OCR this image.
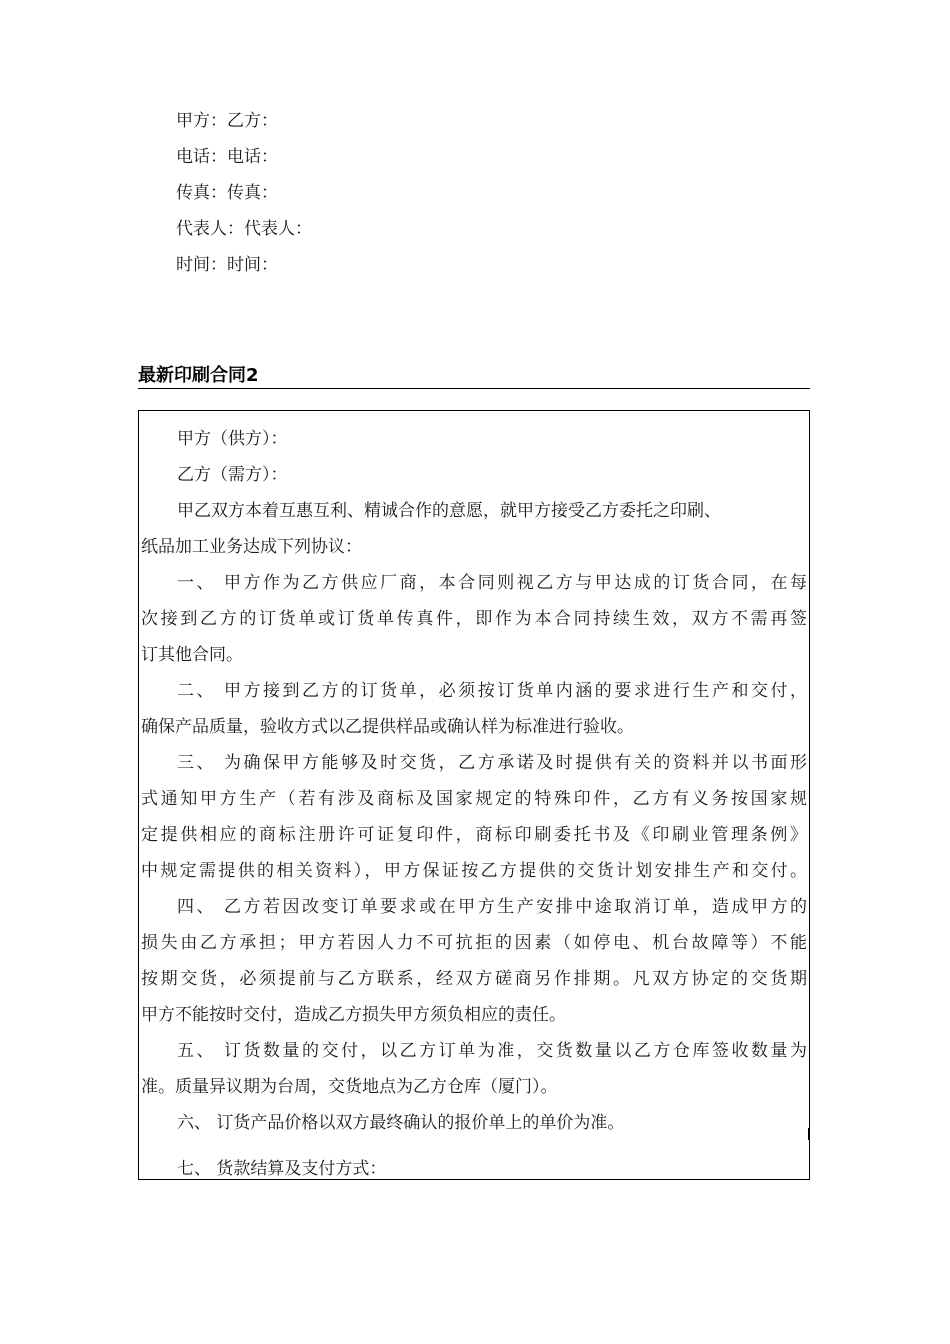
甲方：乙方：
电话：电话：
传真：传真：
代表人：代表人：
时间：时间：
最新印刷合同2
甲方（供方）：
乙方（需方）：
甲乙双方本着互惠互利、精诚合作的意愿，就甲方接受乙方委托之印刷、
纸品加工业务达成下列协议：
一、 甲方作为乙方供应厂商，本合同则视乙方与甲达成的订货合同，在每
次接到乙方的订货单或订货单传真件，即作为本合同持续生效，双方不需再签
订其他合同。
二、 甲方接到乙方的订货单，必须按订货单内涵的要求进行生产和交付，
确保产品质量，验收方式以乙提供样品或确认样为标准进行验收。
三、 为确保甲方能够及时交货，乙方承诺及时提供有关的资料并以书面形
式通知甲方生产（若有涉及商标及国家规定的特殊印件，乙方有义务按国家规
定提供相应的商标注册许可证复印件，商标印刷委托书及《印刷业管理条例》
中规定需提供的相关资料），甲方保证按乙方提供的交货计划安排生产和交付。
四、 乙方若因改变订单要求或在甲方生产安排中途取消订单，造成甲方的
损失由乙方承担；甲方若因人力不可抗拒的因素（如停电、机台故障等）不能
按期交货，必须提前与乙方联系，经双方磋商另作排期。凡双方协定的交货期
甲方不能按时交付，造成乙方损失甲方须负相应的责任。
五、 订货数量的交付，以乙方订单为准，交货数量以乙方仓库签收数量为
准。质量异议期为台周，交货地点为乙方仓库（厦门）。
六、 订货产品价格以双方最终确认的报价单上的单价为准。
七、 货款结算及支付方式：
